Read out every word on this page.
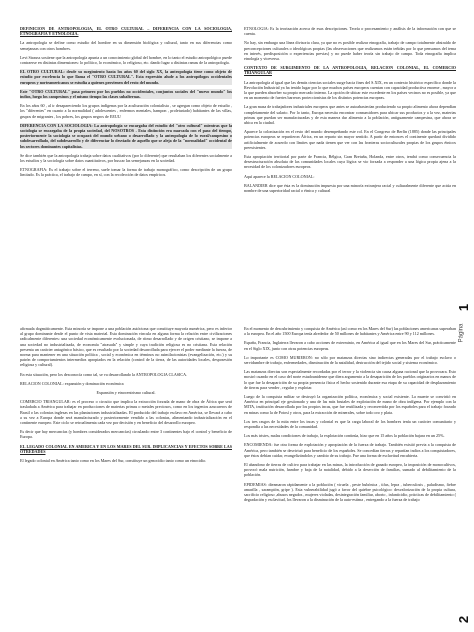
DEFINICION DE ANTROPOLOGIA, EL OTRO CULTURAL – DIFERENCIA CON LA SOCIOLOGIA, ETNOGRAFIA Y ETNOLOGIA.

La antropología se define como estudio del hombre en su dimensión biológica y cultural, tanto en sus diferencias como semejanzas con otros hombres.

Levi Strauss sostiene que la antropología apunta a un conocimiento global del hombre, en lo tanto el estudio antropológico puede contraerse en distintas dimensiones: lo político, lo económico, lo religioso, etc. dando lugar a distintas ramas de la antropología.

EL OTRO CULTURAL: desde su surgimiento hasta los años 60 del siglo XX, la antropología tiene como objeto de estudio por excelencia lo que llama el "OTRO CULTURAL". Esta expresión alude a los antropólogos occidentales europeos y norteamericanos se estudia a quienes provienen del resto del mundo.

Este "OTRO CULTURAL" pasa primero por los pueblos no occidentales, conjuntos sociales del "nuevo mundo" los indios, luego los campesinos y el mismo tiempo las clases subalternas.

En los años 60 , al ir desapareciendo los grupos indígenas por la aculturación colonialista , se agregan como objeto de estudio , los "diferentes" en cuanto a la normalidad ( adolescentes , enfermos mentales, hampon , proletariado) habitantes de las villas, grupos de migrantes , los pobres, los grupos negros de EEUU

DIFERENCIA CON LA SOCIOLOGIA: La antropología se encargaba del estudio del "otro cultural" mientras que la sociología se encargaba de la propia sociedad, del NOSOTROS . Esta distinción era marcada con el paso del tiempo, posteriormente la sociología se ocupará del mundo urbano o desarrollado y la antropología de lo rural/campesino o subdesarrollado, del subdesarrollo y de diferenciar lo desviado de aquello que se aleja de la "normalidad" occidental de los sectores dominantes capitalistas.

Se dice también que la antropología trabaja sobre datos cualitativos (por lo diferente) que resultaban los diferentes socialmente a los estudios y la sociología sobre datos cuantitativos, por buscar las semejanzas en la sociedad.

ETNOGRAFIA: Es el trabajo sobre el terreno, suele tomar la forma de trabajo monográfico, como descripción de un grupo limitado. Es la práctica, el trabajo de campo, en sí, con la recolección de datos empíricos.

ETNOLOGIA: Es la teorización acerca de esas descripciones. Teoría o procesamiento y análisis de la información con que se cuenta.

No hay, sin embargo una línea divisoria clara, ya que no es posible realizar etnografía, trabajo de campo totalmente abstraído de preconcepciones culturales o ideológicas propias (las observaciones que realizamos están teñidas por lo que pensamos del tema en interés, predisposición o experiencias previas) y no puede haber teoría sin trabajo de campo. Toda etnografía implica etnología y viceversa.

CONTEXTO DE SURGIMIENTO DE LA ANTROPOLOGIA, RELACION COLONIAL, EL COMERCIO TRIANGULAR

La antropología al igual que las demás ciencias sociales surge hacia fines del S.XIX, en un contexto histórico específico donde la Revolución Industrial ya ha tenido lugar por lo que muchos países europeos cuentan con capacidad productiva enorme , mayor a la que pueden absorber su propio mercado interno. La opción de ubicar este excedente en los países vecinos no es posible, ya que en un momento de fuertes barreras proteccionistas de los distintos potencias europeas.

La gran masa de trabajadores industriales europeos que antes se autoabastecían produciendo su propio alimento ahora dependían completamente del salario. Por lo tanto, Europa necesita encontrar consumidores para ubicar sus productos y a la vez, materias primas que puedan ser manufacturadas y de esta manera dar alimento a la población, antiguamente campesina, que ahora se ubica en la ciudad.

Aparece la colonización en el resto del mundo desempeñando este rol. En el Congreso de Berlín (1885) donde las principales potencias europeas se repartieron África, en un reparto sin mayor sentido. A partir de entonces el continente quedará dividido artificialmente de acuerdo con límites que nada tienen que ver con las fronteras socioculturales propias de los grupos étnicos preexistentes.

Esta apropiación territorial por parte de Francia, Bélgica, Gran Bretaña, Holanda, entre otros, tendrá como consecuencia la desestructuración absoluta de las comunidades locales cuya lógica se vio forzada a responder a una lógica propia ajena a la necesidad de los colonizadores europeos.

Aquí aparece la RELACION COLONIAL:

BALANDIER dice que ésta es la dominación impuesta por una minoría extranjera racial y culturalmente diferente que actúa en nombre de una superioridad racial o étnica y cultural

afirmada dogmáticamente. Esta minoría se impone a una población autóctona que constituye mayoría numérica, pero es inferior al grupo dominante desde el punto de vista material. Esta dominación vincula en alguna forma la relación entre civilizaciones radicalmente diferentes: una sociedad económicamente evolucionada, de ritmo desarrollado y de origen cristiano, se impone a una sociedad no industrializada, de economía "atrasada" y simple y cuya tradición religiosa es no cristiana. Esta relación presenta un carácter antagónico básico, que es resultado por la sociedad desarrollada para ejercer el poder mediante la fuerza, de norma para mantener en una situación política , social y económica en términos no asimilacionistas (evangelización, etc.) y su patrón de comportamientos intermedios apropiados en la relación (control de la tierra, de las autoridades locales, desposesión religiosa y cultural).

En esta situación, pero los desconocía como tal, se va desarrollando la ANTROPOLOGIA CLASICA.

RELACION COLONIAL: expansión y dominación económica

Expansión y etnocentrismo cultural.

COMERCIO TRIANGULAR: es el proceso o circuito que implica la extracción forzada de mano de obra de África que será trasladada a América para trabajar en producciones de materias primas o metales preciosos, como en los ingenios azucareros de Brasil o las colonias inglesas en las plantaciones industrializadas. El producido del trabajo esclavo en América, se llevará a cabo a su vez a Europa donde será manufacturado y posteriormente vendido a las colonias, alimentando industrialización en el continente europeo. Este ciclo se retroalimenta cada vez por decisión y en beneficio del desarrollo europeo.

Es decir que hay mercancías (y hombres considerados mercancías) circulando entre 3 continentes bajo el control y beneficio de Europa.

EL LEGADO COLONIAL EN AMERICA Y EN LOS MARES DEL SUR. IMPLICANCIAS Y EFECTOS SOBRE LAS OTREDADES

El legado colonial en América tanto como en los Mares del Sur, constituye un genocidio tanto como un etnocidio.

En el momento de descubrimiento y conquista de América (así como en los Mares del Sur) las poblaciones americanas superaban a la europea. En el año 1500 Europa tenía alrededor de 50 millones de habitantes y América entre 90 y 112 millones.

España, Francia, Inglaterra llevaron a cabo acciones de exterminio, en América al igual que en los Mares del Sur, prácticamente en el Siglo XIX, junto con otras potencias europeas.

Lo importante es COMO MURIERON: no sólo por matanzas directas sino indirectas generadas por el trabajo esclavo o servidumbre de trabajo, enfermedades, disminución de la natalidad, destrucción del tejido social y sistema económico.

Las matanzas directas son especialmente recordadas por el terror y la violencia sin causa alguna racional que la provocara. Esto mostró cuando en el caso del norte estadounidense que diera argumento a la desaparición de los pueblos originarios en manos de lo que fue la desaparición de su propia presencia física el hecho sostenido durante esa etapa de su capacidad de desplazamiento de tierras para vender , regular y explotar.

Luego de la conquista militar se destruyó la organización política, económica y social existente. La muerte se convirtió en América en principal eje gestionado y una de las más brutales de explotación de mano de obra indígena. Por ejemplo con la MITA, institución desarrollada por los propios incas, que fue reutilizada y reconvertida por los españoles para el trabajo forzado en minas como la de Potosí y otros, para la extracción de minerales, sobre todo oro y plata.

Los tres rasgos de la mita entre los incas y colonial es que la carga laboral de los hombres tenía un carácter comunitario y respondía a las necesidades de la comunidad.

Los más tristes, malas condiciones de trabajo, la explotación continúa, hizo que en 15 años la población bajara en un 25%.

ENCOMIENDA: fue otra forma de explotación y apropiación de la fuerza de trabajo. También existió previa a la conquista de América, pero también se desvirtuó para beneficio de los españoles. Se concedían tierras y repartían indios a los conquistadores, que éstos debían cuidar, evangelizándolos y cambio de su trabajo. Fue una forma de esclavitud encubierta.

El abandono de tierras de cultivo para trabajar en las minas, la introducción de ganado europeo, la imposición de monocultivos, provocó mala nutrición, hambre y baja de la natalidad, debido a la deserción de familias, sumado al debilitamiento de la población.

EPIDEMIAS: diezmaron rápidamente a la población ( viruela , peste bubónica , tifus, lepra , tuberculosis , paludismo, fiebre amarilla , sarampión, gripe ). Esta vulnerabilidad jugó a favor del quiebre psicológico: desvalorización de la propia cultura, sacrificio religioso ,abusos negados , mujeres violadas, desintegración familiar, aborto , infanticidio, prácticas de debilitamiento ( degradación y esclavitud, los llevaron a la disminución de la auto-estima , entregando a la fuerza de trabajo

1
Página
2
